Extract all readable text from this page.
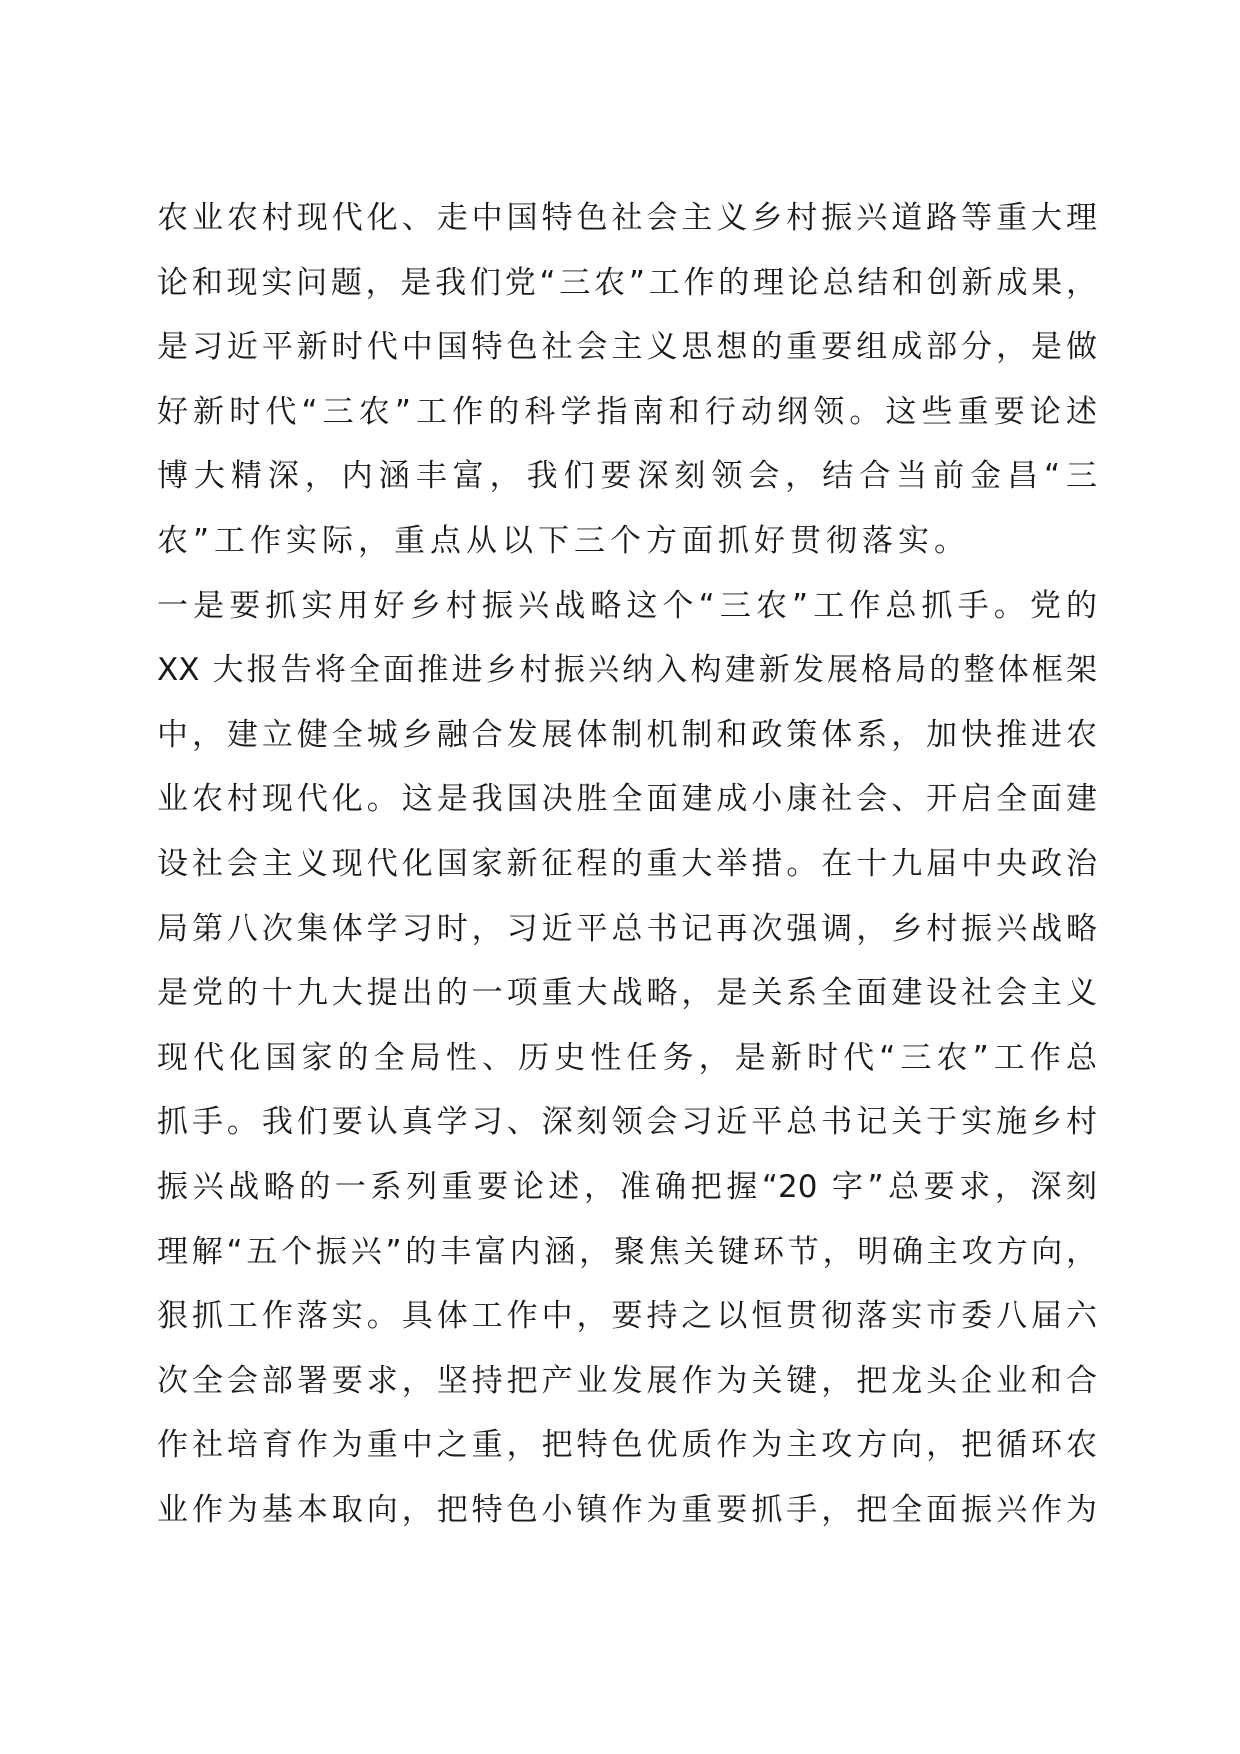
农业农村现代化、走中国特色社会主义乡村振兴道路等重大理
论和现实问题，是我们党“三农”工作的理论总结和创新成果，
是习近平新时代中国特色社会主义思想的重要组成部分，是做
好新时代“三农”工作的科学指南和行动纲领。这些重要论述
博大精深，内涵丰富，我们要深刻领会，结合当前金昌“三
农”工作实际，重点从以下三个方面抓好贯彻落实。
一是要抓实用好乡村振兴战略这个“三农”工作总抓手。党的
XX 大报告将全面推进乡村振兴纳入构建新发展格局的整体框架
中，建立健全城乡融合发展体制机制和政策体系，加快推进农
业农村现代化。这是我国决胜全面建成小康社会、开启全面建
设社会主义现代化国家新征程的重大举措。在十九届中央政治
局第八次集体学习时，习近平总书记再次强调，乡村振兴战略
是党的十九大提出的一项重大战略，是关系全面建设社会主义
现代化国家的全局性、历史性任务，是新时代“三农”工作总
抓手。我们要认真学习、深刻领会习近平总书记关于实施乡村
振兴战略的一系列重要论述，准确把握“20 字”总要求，深刻
理解“五个振兴”的丰富内涵，聚焦关键环节，明确主攻方向，
狠抓工作落实。具体工作中，要持之以恒贯彻落实市委八届六
次全会部署要求，坚持把产业发展作为关键，把龙头企业和合
作社培育作为重中之重，把特色优质作为主攻方向，把循环农
业作为基本取向，把特色小镇作为重要抓手，把全面振兴作为
